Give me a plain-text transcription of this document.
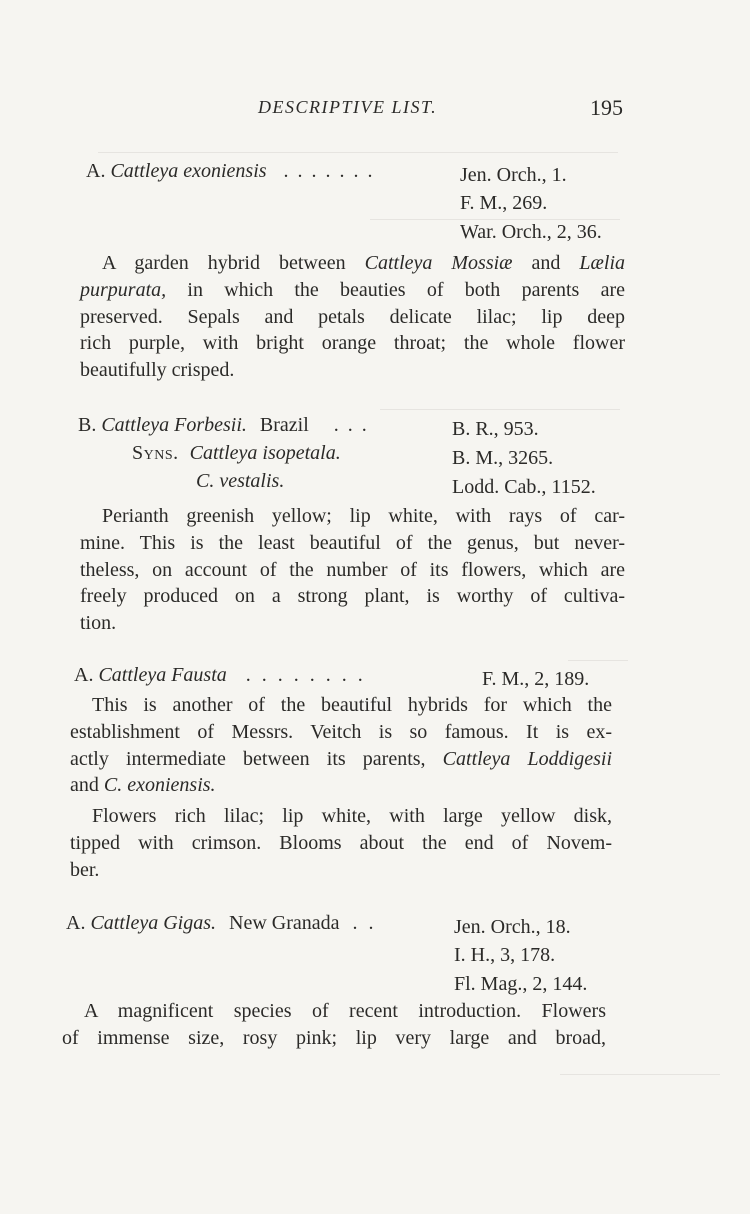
DESCRIPTIVE LIST.	195
A. Cattleya exoniensis . . . . . . .	Jen. Orch., 1.
F. M., 269.
War. Orch., 2, 36.

A garden hybrid between Cattleya Mossiæ and Lælia

purpurata, in which the beauties of both parents are

preserved. Sepals and petals delicate lilac; lip deep

rich purple, with bright orange throat; the whole flower

beautifully crisped.

B. Cattleya Forbesii. Brazil . . .	B. R., 953.
B. M., 3265.
Lodd. Cab., 1152.
Syns. Cattleya isopetala.
C. vestalis.

Perianth greenish yellow; lip white, with rays of car-

mine. This is the least beautiful of the genus, but never-

theless, on account of the number of its flowers, which are

freely produced on a strong plant, is worthy of cultiva-

tion.

A. Cattleya Fausta . . . . . . . .	F. M., 2, 189.

This is another of the beautiful hybrids for which the

establishment of Messrs. Veitch is so famous. It is ex-

actly intermediate between its parents, Cattleya Loddigesii

and C. exoniensis.

Flowers rich lilac; lip white, with large yellow disk,

tipped with crimson. Blooms about the end of Novem-

ber.

A. Cattleya Gigas. New Granada . .	Jen. Orch., 18.
I. H., 3, 178.
Fl. Mag., 2, 144.

A magnificent species of recent introduction. Flowers

of immense size, rosy pink; lip very large and broad,
